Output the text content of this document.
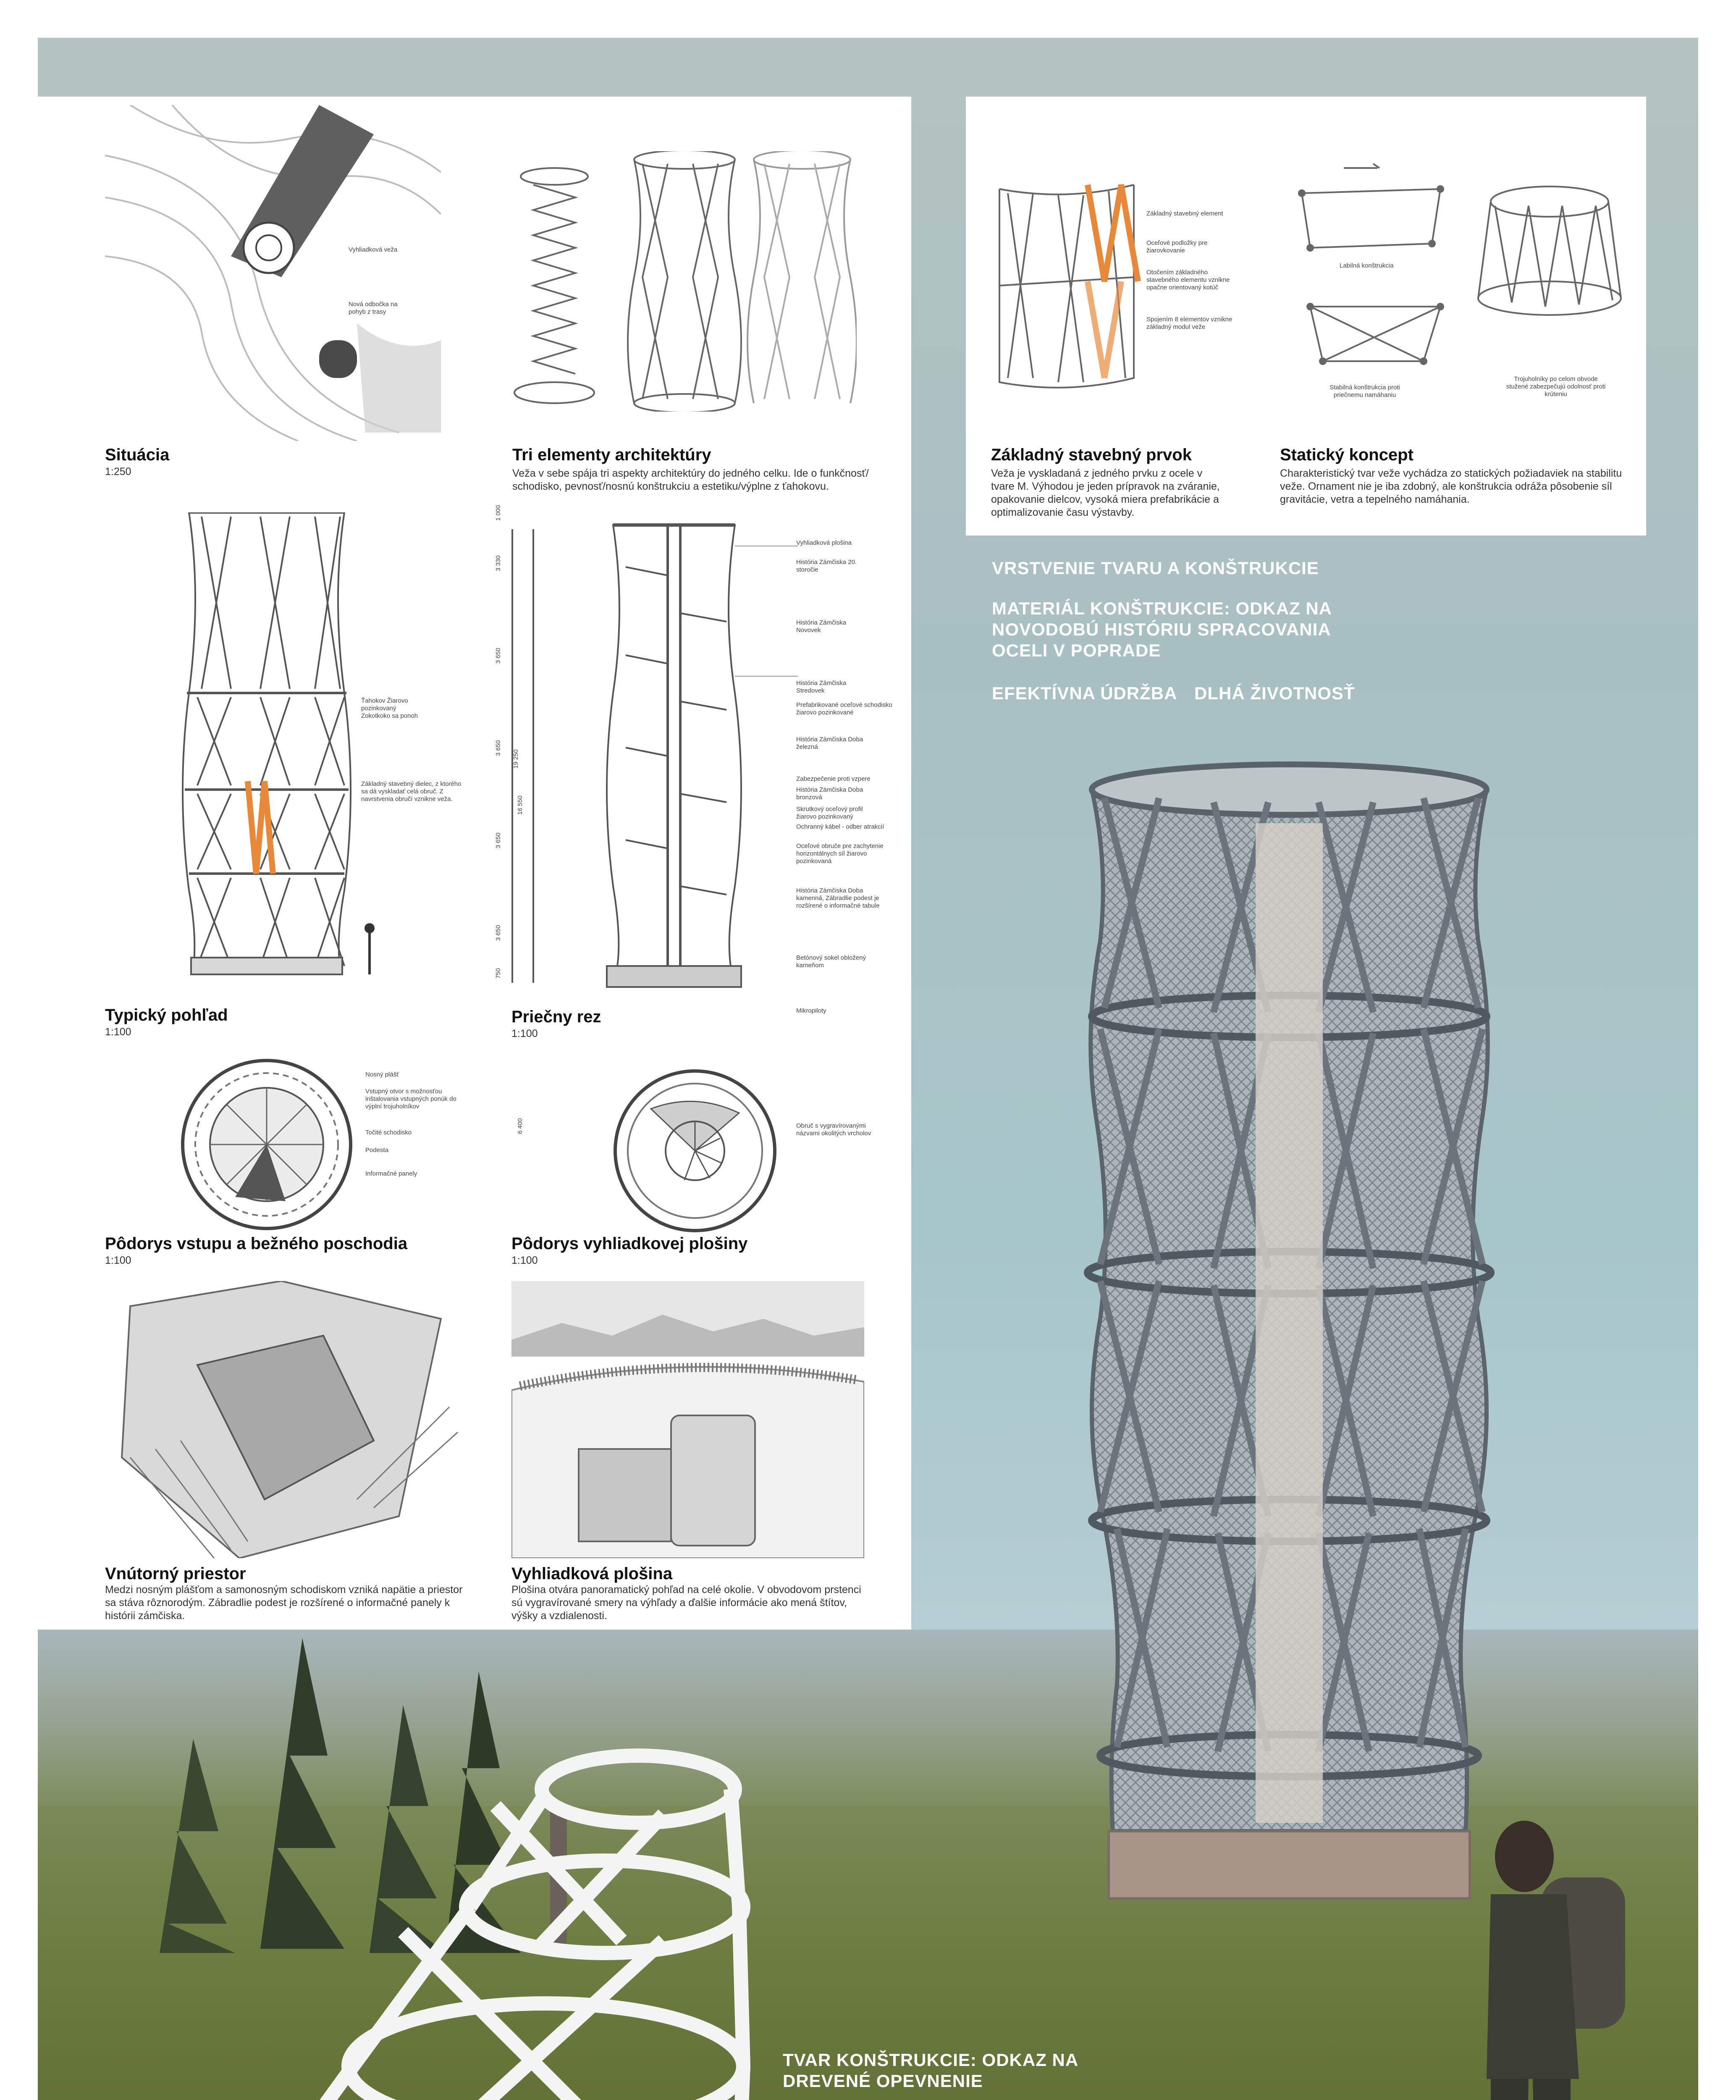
Vyhliadková veža
Nová odbočka na pohyb z trasy
Situácia
1:250
Tri elementy architektúry
Veža v sebe spája tri aspekty architektúry do jedného celku. Ide o funkčnosť/ schodisko, pevnosť/nosnú konštrukciu a estetiku/výplne z ťahokovu.
Ťahokov Žiarovo pozinkovaný Zokotkoko sa ponoh
Základný stavebný dielec, z ktorého sa dá vyskladať celá obruč. Z navrstvenia obručí vznikne veža.
Typický pohľad
1:100
1 000
3 330
3 650
3 650
3 650
3 650
750
19 250
16 550
Vyhliadková plošina
História Zámčiska 20. storočie
História Zámčiska Novovek
História Zámčiska Stredovek
Prefabrikované oceľové schodisko žiarovo pozinkované
História Zámčiska Doba železná
Zabezpečenie proti vzpere
História Zámčiska Doba bronzová
Skrutkový oceľový profil žiarovo pozinkovaný
Ochranný kábel - odber atrakcií
Oceľové obruče pre zachytenie horizontálnych síl žiarovo pozinkovaná
História Zámčiska Doba kamenná, Zábradlie podest je rozšírené o informačné tabule
Betónový sokel obložený kameňom
Mikropiloty
Priečny rez
1:100
Nosný plášť
Vstupný otvor s možnosťou inštalovania vstupných ponúk do výplní trojuholníkov
Točité schodisko
Podesta
Informačné panely
Pôdorys vstupu a bežného poschodia
1:100
6 400	Obruč s vygravírovanými názvami okolitých vrcholov
Pôdorys vyhliadkovej plošiny
1:100
Vnútorný priestor
Medzi nosným plášťom a samonosným schodiskom vzniká napätie a priestor sa stáva rôznorodým. Zábradlie podest je rozšírené o informačné panely k histórii zámčiska.
Vyhliadková plošina
Plošina otvára panoramatický pohľad na celé okolie. V obvodovom prstenci sú vygravírované smery na výhľady a ďalšie informácie ako mená štítov, výšky a vzdialenosti.
Základný stavebný element
Oceľové podložky pre žiarovkovanie
Otočením základného stavebného elementu vznikne opačne orientovaný kotúč
Spojením 8 elementov vznikne základný modul veže
Základný stavebný prvok
Veža je vyskladaná z jedného prvku z ocele v tvare M. Výhodou je jeden prípravok na zváranie, opakovanie dielcov, vysoká miera prefabrikácie a optimalizovanie času výstavby.
Labilná konštrukcia
Stabilná konštrukcia proti priečnemu namáhaniu
Trojuholníky po celom obvode stužené zabezpečujú odolnosť proti krúteniu
Statický koncept
Charakteristický tvar veže vychádza zo statických požiadaviek na stabilitu veže. Ornament nie je iba zdobný, ale konštrukcia odráža pôsobenie síl gravitácie, vetra a tepelného namáhania.
VRSTVENIE TVARU A KONŠTRUKCIE
MATERIÁL KONŠTRUKCIE: ODKAZ NA NOVODOBÚ HISTÓRIU SPRACOVANIA OCELI V POPRADE
EFEKTÍVNA ÚDRŽBA DLHÁ ŽIVOTNOSŤ
TVAR KONŠTRUKCIE: ODKAZ NA DREVENÉ OPEVNENIE
